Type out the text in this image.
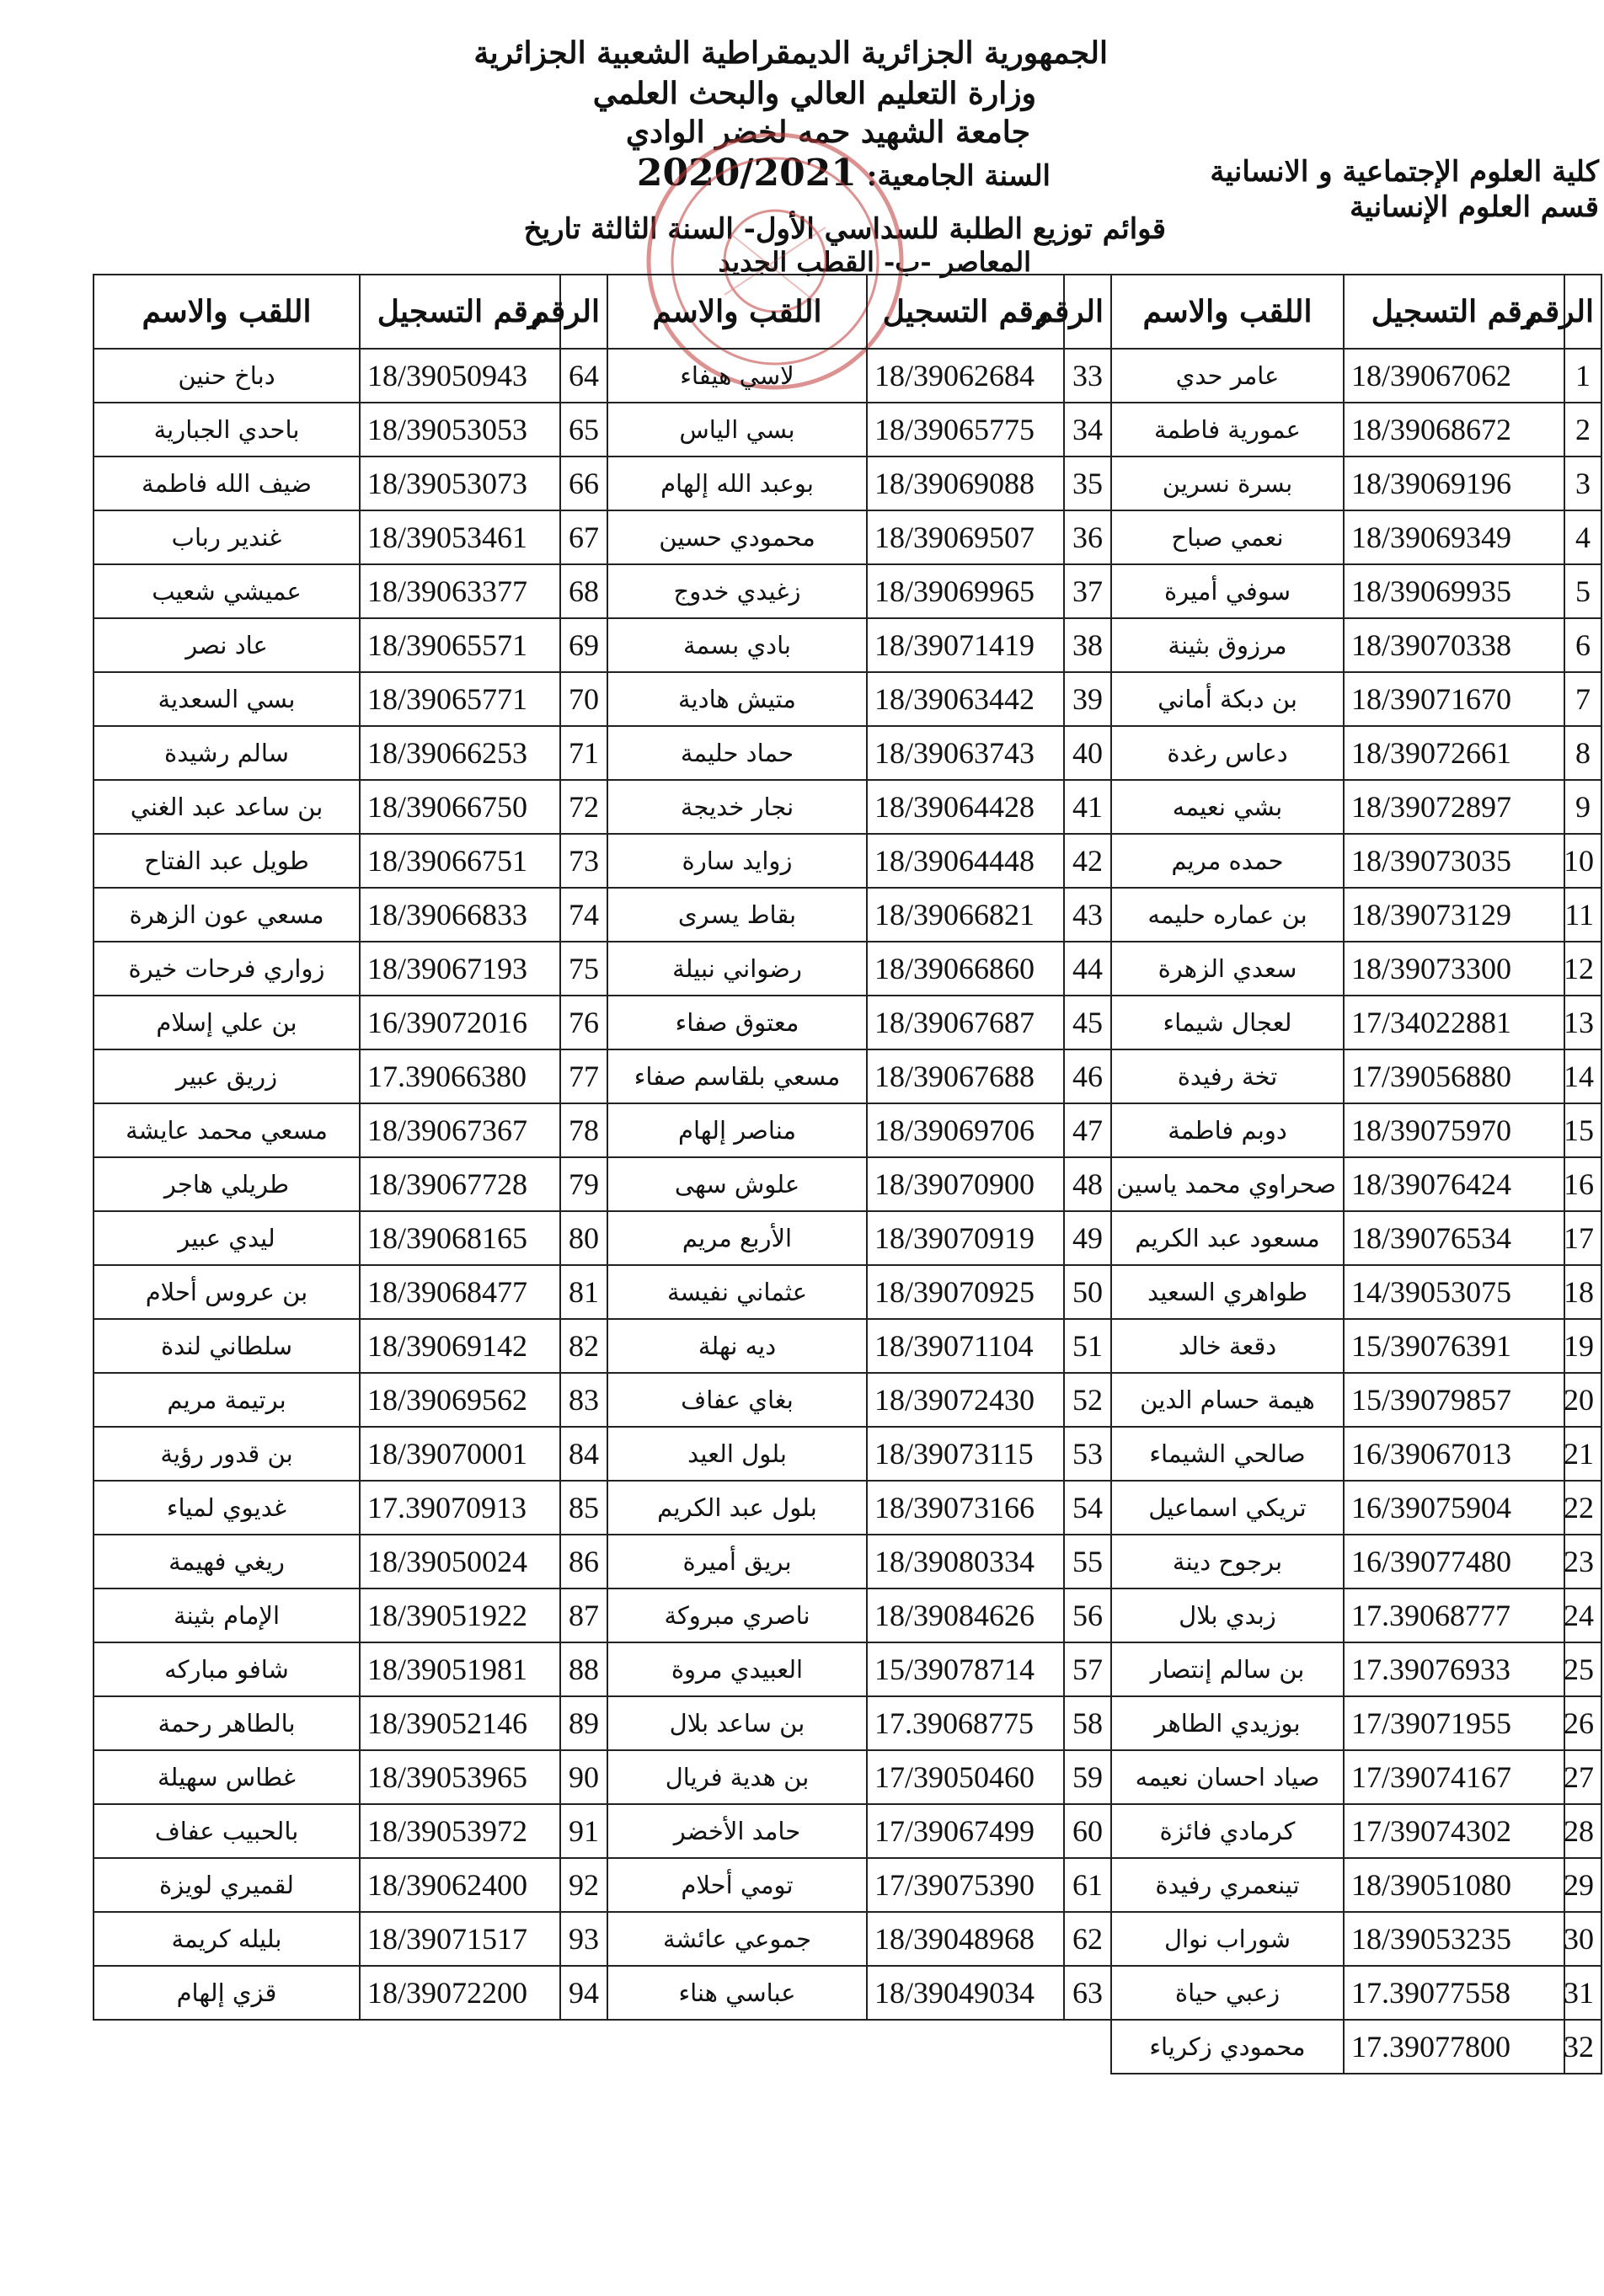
الجمهورية الجزائرية الديمقراطية الشعبية الجزائرية
وزارة التعليم العالي والبحث العلمي
جامعة الشهيد حمه لخضر الوادي
السنة الجامعية: 2020/2021	كلية العلوم الإجتماعية و الانسانية
قسم العلوم الإنسانية
قوائم توزيع الطلبة للسداسي الأول- السنة الثالثة تاريخ
المعاصر -ب- القطب الجديد
الرقم	رقم التسجيل	اللقب والاسم	الرقم	رقم التسجيل	اللقب والاسم	الرقم	رقم التسجيل	اللقب والاسم
1	18/39067062	عامر حدي	33	18/39062684	لاسي هيفاء	64	18/39050943	دباخ حنين
2	18/39068672	عمورية فاطمة	34	18/39065775	بسي الياس	65	18/39053053	باحدي الجبارية
3	18/39069196	بسرة نسرين	35	18/39069088	بوعبد الله إلهام	66	18/39053073	ضيف الله فاطمة
4	18/39069349	نعمي صباح	36	18/39069507	محمودي حسين	67	18/39053461	غندير رباب
5	18/39069935	سوفي أميرة	37	18/39069965	زغيدي خدوج	68	18/39063377	عميشي شعيب
6	18/39070338	مرزوق بثينة	38	18/39071419	بادي بسمة	69	18/39065571	عاد نصر
7	18/39071670	بن دبكة أماني	39	18/39063442	متيش هادية	70	18/39065771	بسي السعدية
8	18/39072661	دعاس رغدة	40	18/39063743	حماد حليمة	71	18/39066253	سالم رشيدة
9	18/39072897	بشي نعيمه	41	18/39064428	نجار خديجة	72	18/39066750	بن ساعد عبد الغني
10	18/39073035	حمده مريم	42	18/39064448	زوايد سارة	73	18/39066751	طويل عبد الفتاح
11	18/39073129	بن عماره حليمه	43	18/39066821	بقاط يسرى	74	18/39066833	مسعي عون الزهرة
12	18/39073300	سعدي الزهرة	44	18/39066860	رضواني نبيلة	75	18/39067193	زواري فرحات خيرة
13	17/34022881	لعجال شيماء	45	18/39067687	معتوق صفاء	76	16/39072016	بن علي إسلام
14	17/39056880	تخة رفيدة	46	18/39067688	مسعي بلقاسم صفاء	77	17.39066380	زريق عبير
15	18/39075970	دوبم فاطمة	47	18/39069706	مناصر إلهام	78	18/39067367	مسعي محمد عايشة
16	18/39076424	صحراوي محمد ياسين	48	18/39070900	علوش سهى	79	18/39067728	طريلي هاجر
17	18/39076534	مسعود عبد الكريم	49	18/39070919	الأربع مريم	80	18/39068165	ليدي عبير
18	14/39053075	طواهري السعيد	50	18/39070925	عثماني نفيسة	81	18/39068477	بن عروس أحلام
19	15/39076391	دقعة خالد	51	18/39071104	ديه نهلة	82	18/39069142	سلطاني لندة
20	15/39079857	هيمة حسام الدين	52	18/39072430	بغاي عفاف	83	18/39069562	برتيمة مريم
21	16/39067013	صالحي الشيماء	53	18/39073115	بلول العيد	84	18/39070001	بن قدور رؤية
22	16/39075904	تريكي اسماعيل	54	18/39073166	بلول عبد الكريم	85	17.39070913	غديوي لمياء
23	16/39077480	برجوح دينة	55	18/39080334	بريق أميرة	86	18/39050024	ريغي فهيمة
24	17.39068777	زبدي بلال	56	18/39084626	ناصري مبروكة	87	18/39051922	الإمام بثينة
25	17.39076933	بن سالم إنتصار	57	15/39078714	العبيدي مروة	88	18/39051981	شافو مباركه
26	17/39071955	بوزيدي الطاهر	58	17.39068775	بن ساعد بلال	89	18/39052146	بالطاهر رحمة
27	17/39074167	صياد احسان نعيمه	59	17/39050460	بن هدية فريال	90	18/39053965	غطاس سهيلة
28	17/39074302	كرمادي فائزة	60	17/39067499	حامد الأخضر	91	18/39053972	بالحبيب عفاف
29	18/39051080	تينعمري رفيدة	61	17/39075390	تومي أحلام	92	18/39062400	لقميري لويزة
30	18/39053235	شوراب نوال	62	18/39048968	جموعي عائشة	93	18/39071517	بليله كريمة
31	17.39077558	زعبي حياة	63	18/39049034	عباسي هناء	94	18/39072200	قزي إلهام
32	17.39077800	محمودي زكرياء						
